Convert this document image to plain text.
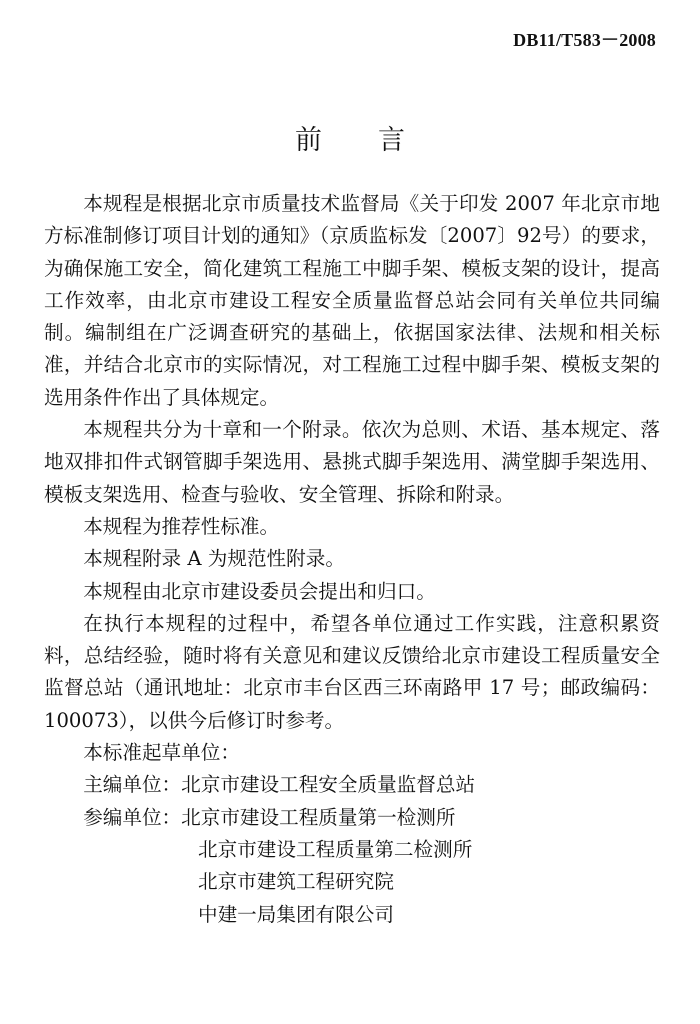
DB11/T583－2008
前言

本规程是根据北京市质量技术监督局《关于印发 2007 年北京市地方标准制修订项目计划的通知》（京质监标发〔2007〕92号）的要求，为确保施工安全，简化建筑工程施工中脚手架、模板支架的设计，提高工作效率，由北京市建设工程安全质量监督总站会同有关单位共同编制。编制组在广泛调查研究的基础上，依据国家法律、法规和相关标准，并结合北京市的实际情况，对工程施工过程中脚手架、模板支架的选用条件作出了具体规定。

本规程共分为十章和一个附录。依次为总则、术语、基本规定、落地双排扣件式钢管脚手架选用、悬挑式脚手架选用、满堂脚手架选用、模板支架选用、检查与验收、安全管理、拆除和附录。

本规程为推荐性标准。

本规程附录 A 为规范性附录。

本规程由北京市建设委员会提出和归口。

在执行本规程的过程中，希望各单位通过工作实践，注意积累资料，总结经验，随时将有关意见和建议反馈给北京市建设工程质量安全监督总站（通讯地址：北京市丰台区西三环南路甲 17 号；邮政编码：100073），以供今后修订时参考。

本标准起草单位：

主编单位：北京市建设工程安全质量监督总站
参编单位：北京市建设工程质量第一检测所
北京市建设工程质量第二检测所
北京市建筑工程研究院
中建一局集团有限公司
